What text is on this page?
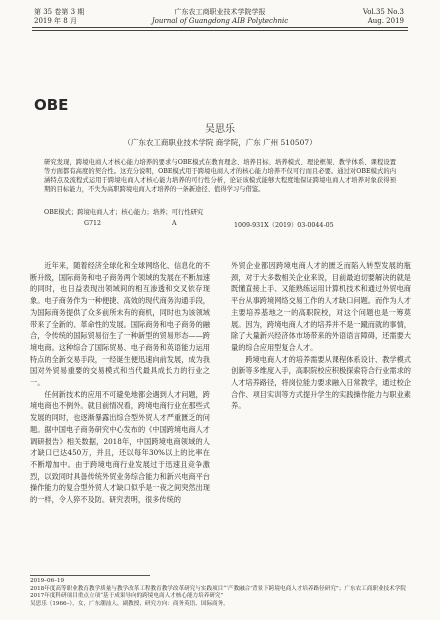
第 35 卷第 3 期
2019 年 8 月
广东农工商职业技术学院学报
Journal of Guangdong AIB Polytechnic
Vol.35 No.3
Aug. 2019
OBE
吴思乐
（广东农工商职业技术学院 商学院，广东 广州 510507）
研究发现，跨境电商人才核心能力培养的要求与OBE模式在教育理念、培养目标、培养模式、理论框架、教学体系、课程设置等方面都有高度的契合性。这充分说明，OBE模式用于跨境电商人才的核心能力培养不仅可行而且必要。通过对OBE模式的内涵特点及流程式运用于跨境电商人才核心能力培养的可行性分析，论证该模式能够大程度地保证跨境电商人才培养对象获得预期的目标能力，不失为高职跨境电商人才培养的一条新途径、值得学习与借鉴。
OBE模式；跨境电商人才；核心能力；培养；可行性研究
G712	A	1009-931X（2019）03-0044-05

近年来，随着经济全球化和全球网络化、信息化的不断升级，国际商务和电子商务两个领域的发展在不断加速的同时，也日益表现出领域间的相互渗透和交叉依存现象。电子商务作为一种便捷、高效的现代商务沟通手段，为国际商务提供了众多前所未有的商机，同时也为该领域带来了全新的、革命性的发展。国际商务和电子商务的融合，令传统的国际贸易衍生了一种新型的贸易形态——跨境电商。这种综合了国际贸易、电子商务和英语能力运用特点的全新交易手段，一经诞生便迅速向前发展，成为我国对外贸易重要的交易模式和当代最具成长力的行业之一。

任何新技术的应用不可避免地都会遇到人才问题，跨境电商也不例外。就目前情况看，跨境电商行业在那些式发展的同时，也逐渐暴露出综合型外贸人才严重匮乏的问题。据中国电子商务研究中心发布的《中国跨境电商人才调研报告》相关数据，2018年，中国跨境电商领域的人才缺口已达450万，并且，还以每年30%以上的比率在不断增加中。由于跨境电商行业发展过于迅速且竞争激烈，以致同时具备传统外贸业务综合能力和新兴电商平台操作能力的复合型外贸人才缺口似乎是一夜之间突然出现的一样，令人猝不及防。研究表明，很多传统的

外贸企业都因跨境电商人才的匮乏而陷入转型发展的瓶颈，对于大多数相关企业来说，目前最迫切要解决的就是既懂直接上手、又能熟练运用计算机技术和通过外贸电商平台从事跨境网络交易工作的人才缺口问题。而作为人才主要培养基地之一的高职院校，对这个问题也是一筹莫展。因为，跨境电商人才的培养并不是一蹴而就的事情，除了大量新兴经济体市场带来的外语语言障碍，还需要大量的综合应用型复合人才。

跨境电商人才的培养需要从课程体系设计、教学模式创新等多维度入手，高职院校应积极探索符合行业需求的人才培养路径，将岗位能力要求融入日常教学，通过校企合作、项目实训等方式提升学生的实践操作能力与职业素养。

2019–06–19
2018年度高等职业教育教学质量与教学改革工程教育教学改革研究与实践项目“‘产教融合’背景下跨境电商人才培养路径研究”；广东农工商职业技术学院2017年度科研项目重点立项“基于成果导向的跨境电商人才核心能力培养研究”
吴思乐（1966–），女，广东潮汕人，副教授，研究方向：商务英语、国际商务。
